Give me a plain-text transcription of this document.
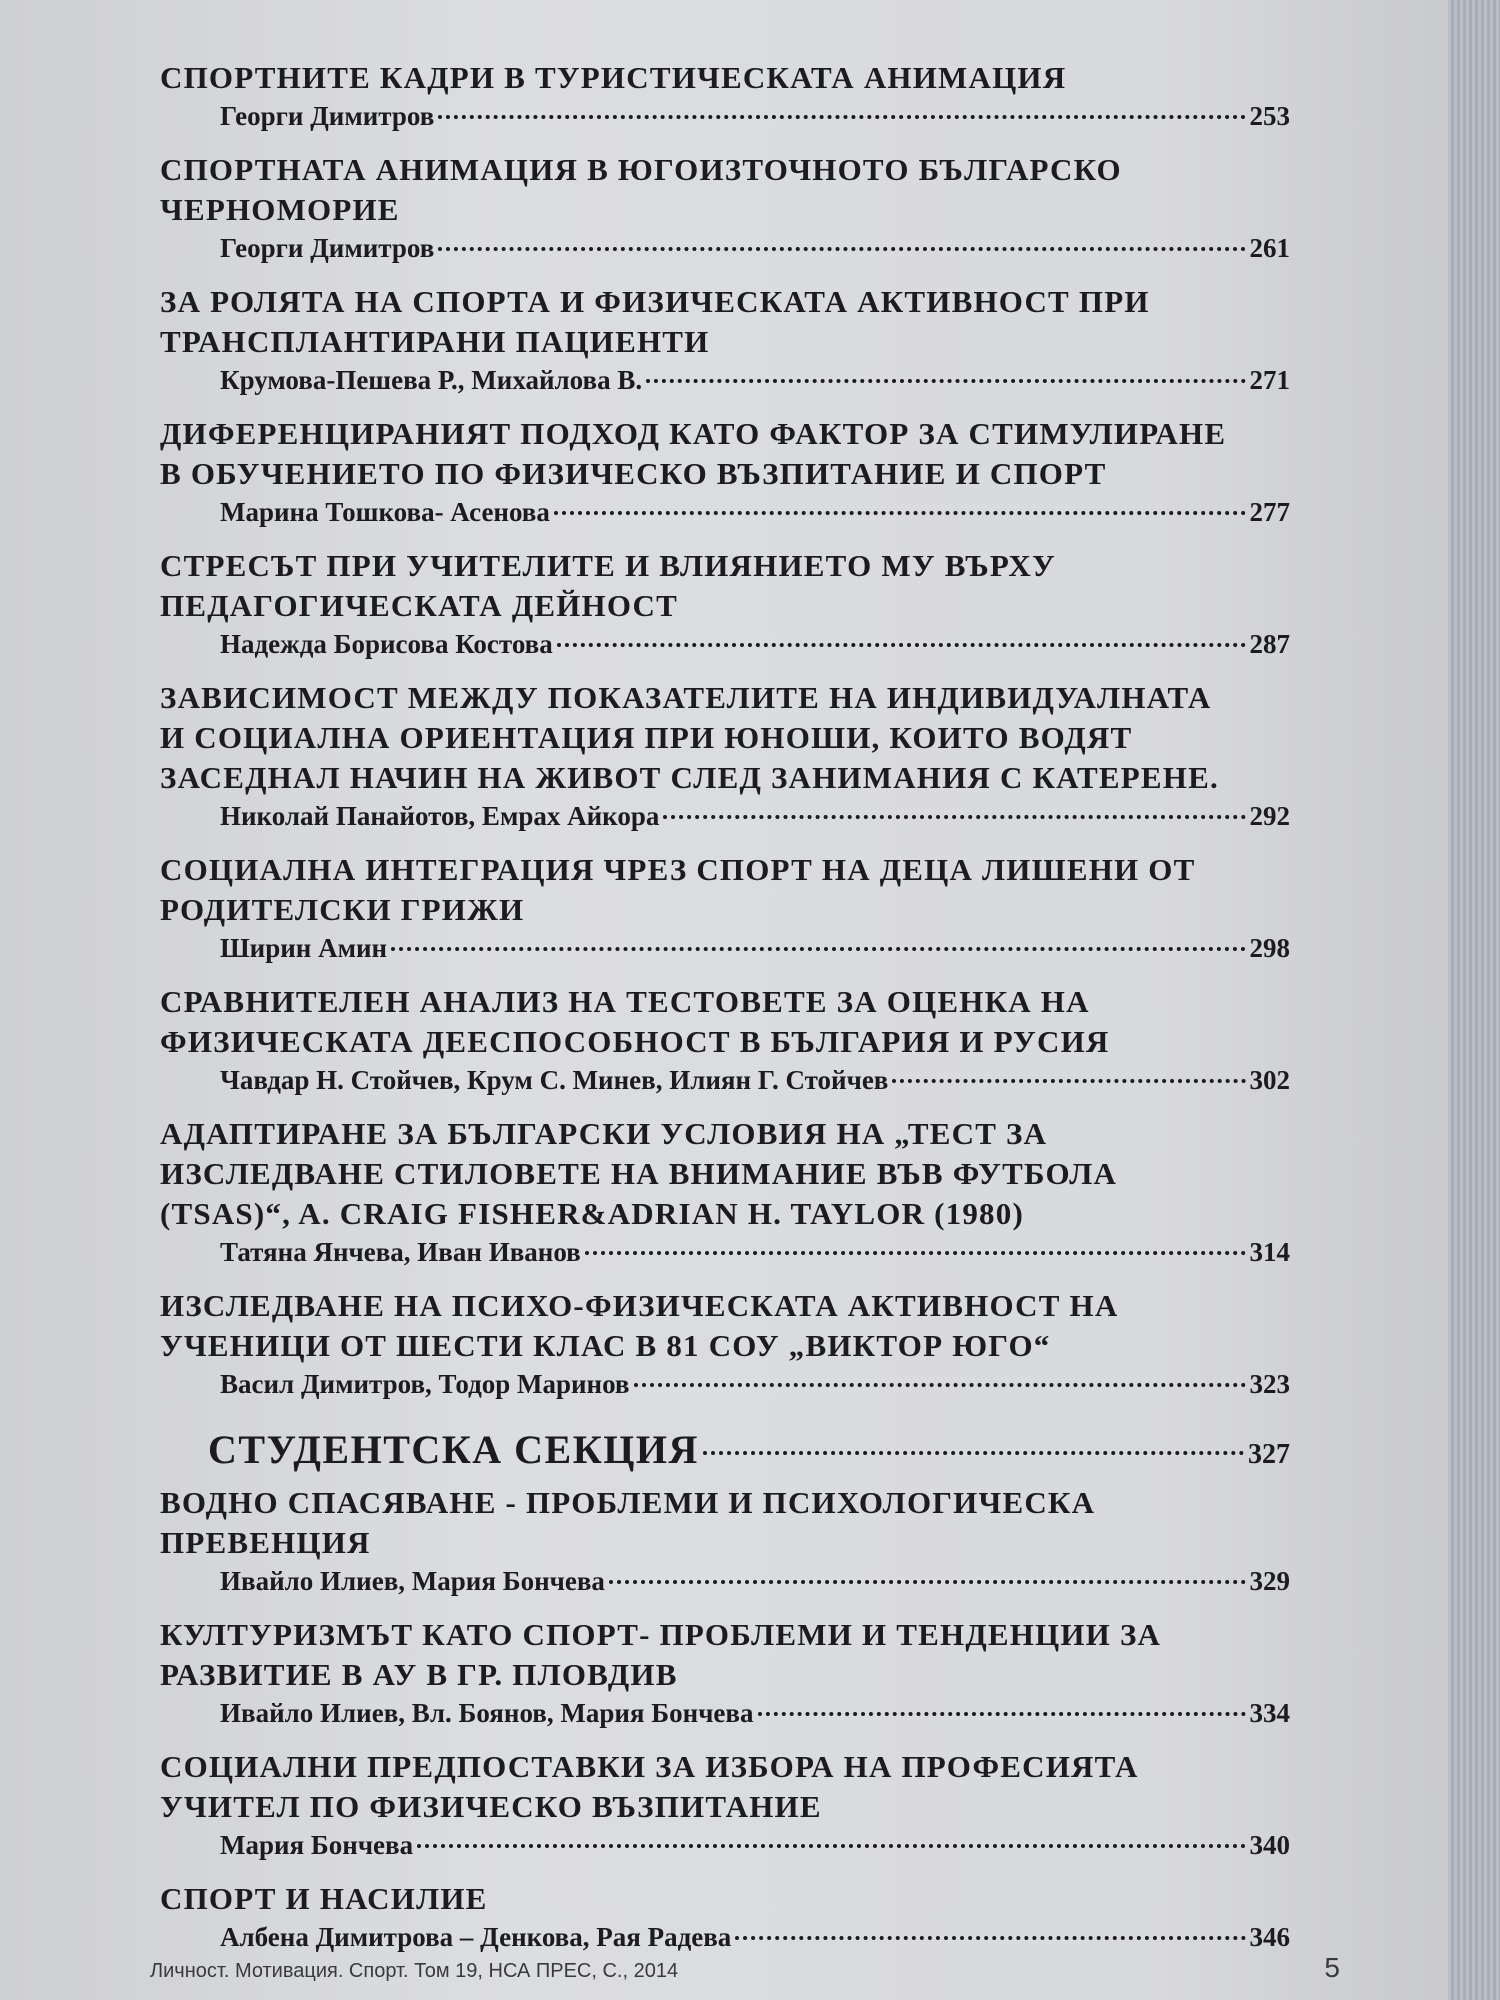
СПОРТНИТЕ КАДРИ В ТУРИСТИЧЕСКАТА АНИМАЦИЯ
Георги Димитров	253
СПОРТНАТА АНИМАЦИЯ В ЮГОИЗТОЧНОТО БЪЛГАРСКО
ЧЕРНОМОРИЕ
Георги Димитров	261
ЗА РОЛЯТА НА СПОРТА И ФИЗИЧЕСКАТА АКТИВНОСТ ПРИ
ТРАНСПЛАНТИРАНИ ПАЦИЕНТИ
Крумова-Пешева Р., Михайлова В.	271
ДИФЕРЕНЦИРАНИЯТ ПОДХОД КАТО ФАКТОР ЗА СТИМУЛИРАНЕ
В ОБУЧЕНИЕТО ПО ФИЗИЧЕСКО ВЪЗПИТАНИЕ И СПОРТ
Марина Тошкова- Асенова	277
СТРЕСЪТ ПРИ УЧИТЕЛИТЕ И ВЛИЯНИЕТО МУ ВЪРХУ
ПЕДАГОГИЧЕСКАТА ДЕЙНОСТ
Надежда Борисова Костова	287
ЗАВИСИМОСТ МЕЖДУ ПОКАЗАТЕЛИТЕ НА ИНДИВИДУАЛНАТА
И СОЦИАЛНА ОРИЕНТАЦИЯ ПРИ ЮНОШИ, КОИТО ВОДЯТ
ЗАСЕДНАЛ НАЧИН НА ЖИВОТ СЛЕД ЗАНИМАНИЯ С КАТЕРЕНЕ.
Николай Панайотов, Емрах Айкора	292
СОЦИАЛНА ИНТЕГРАЦИЯ ЧРЕЗ СПОРТ НА ДЕЦА ЛИШЕНИ ОТ
РОДИТЕЛСКИ ГРИЖИ
Ширин Амин	298
СРАВНИТЕЛЕН АНАЛИЗ НА ТЕСТОВЕТЕ ЗА ОЦЕНКА НА
ФИЗИЧЕСКАТА ДЕЕСПОСОБНОСТ В БЪЛГАРИЯ И РУСИЯ
Чавдар Н. Стойчев, Крум С. Минев, Илиян Г. Стойчев	302
АДАПТИРАНЕ ЗА БЪЛГАРСКИ УСЛОВИЯ НА „ТЕСТ ЗА
ИЗСЛЕДВАНЕ СТИЛОВЕТЕ НА ВНИМАНИЕ ВЪВ ФУТБОЛА
(TSAS)“, A. CRAIG FISHER&ADRIAN H. TAYLOR (1980)
Татяна Янчева, Иван Иванов	314
ИЗСЛЕДВАНЕ НА ПСИХО-ФИЗИЧЕСКАТА АКТИВНОСТ НА
УЧЕНИЦИ ОТ ШЕСТИ КЛАС В 81 СОУ „ВИКТОР ЮГО“
Васил Димитров, Тодор Маринов	323
СТУДЕНТСКА СЕКЦИЯ	327
ВОДНО СПАСЯВАНЕ - ПРОБЛЕМИ И ПСИХОЛОГИЧЕСКА
ПРЕВЕНЦИЯ
Ивайло Илиев, Мария Бончева	329
КУЛТУРИЗМЪТ КАТО СПОРТ- ПРОБЛЕМИ И ТЕНДЕНЦИИ ЗА
РАЗВИТИЕ В АУ В ГР. ПЛОВДИВ
Ивайло Илиев, Вл. Боянов, Мария Бончева	334
СОЦИАЛНИ ПРЕДПОСТАВКИ ЗА ИЗБОРА НА ПРОФЕСИЯТА
УЧИТЕЛ ПО ФИЗИЧЕСКО ВЪЗПИТАНИЕ
Мария Бончева	340
СПОРТ И НАСИЛИЕ
Албена Димитрова – Денкова, Рая Радева	346
Личност. Мотивация. Спорт. Том 19, НСА ПРЕС, С., 2014	5
